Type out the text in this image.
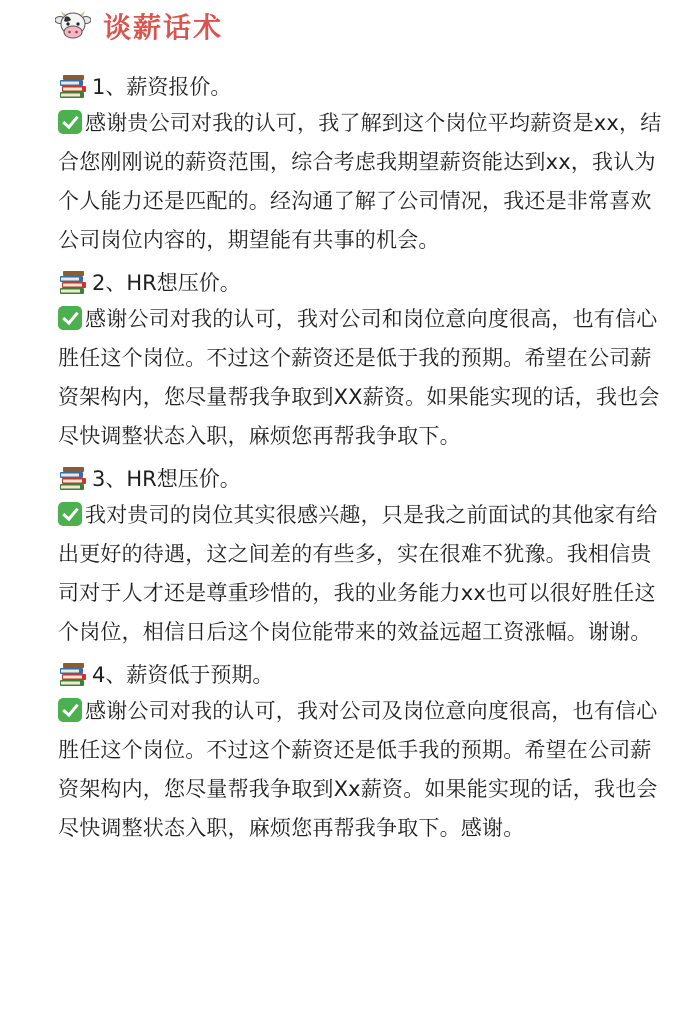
谈薪话术
1、薪资报价。
感谢贵公司对我的认可，我了解到这个岗位平均薪资是xx，结合您刚刚说的薪资范围，综合考虑我期望薪资能达到xx，我认为个人能力还是匹配的。经沟通了解了公司情况，我还是非常喜欢公司岗位内容的，期望能有共事的机会。
2、HR想压价。
感谢公司对我的认可，我对公司和岗位意向度很高，也有信心胜任这个岗位。不过这个薪资还是低于我的预期。希望在公司薪资架构内，您尽量帮我争取到XX薪资。如果能实现的话，我也会尽快调整状态入职，麻烦您再帮我争取下。
3、HR想压价。
我对贵司的岗位其实很感兴趣，只是我之前面试的其他家有给出更好的待遇，这之间差的有些多，实在很难不犹豫。我相信贵司对于人才还是尊重珍惜的，我的业务能力xx也可以很好胜任这个岗位，相信日后这个岗位能带来的效益远超工资涨幅。谢谢。
4、薪资低于预期。
感谢公司对我的认可，我对公司及岗位意向度很高，也有信心胜任这个岗位。不过这个薪资还是低手我的预期。希望在公司薪资架构内，您尽量帮我争取到Xx薪资。如果能实现的话，我也会尽快调整状态入职，麻烦您再帮我争取下。感谢。
